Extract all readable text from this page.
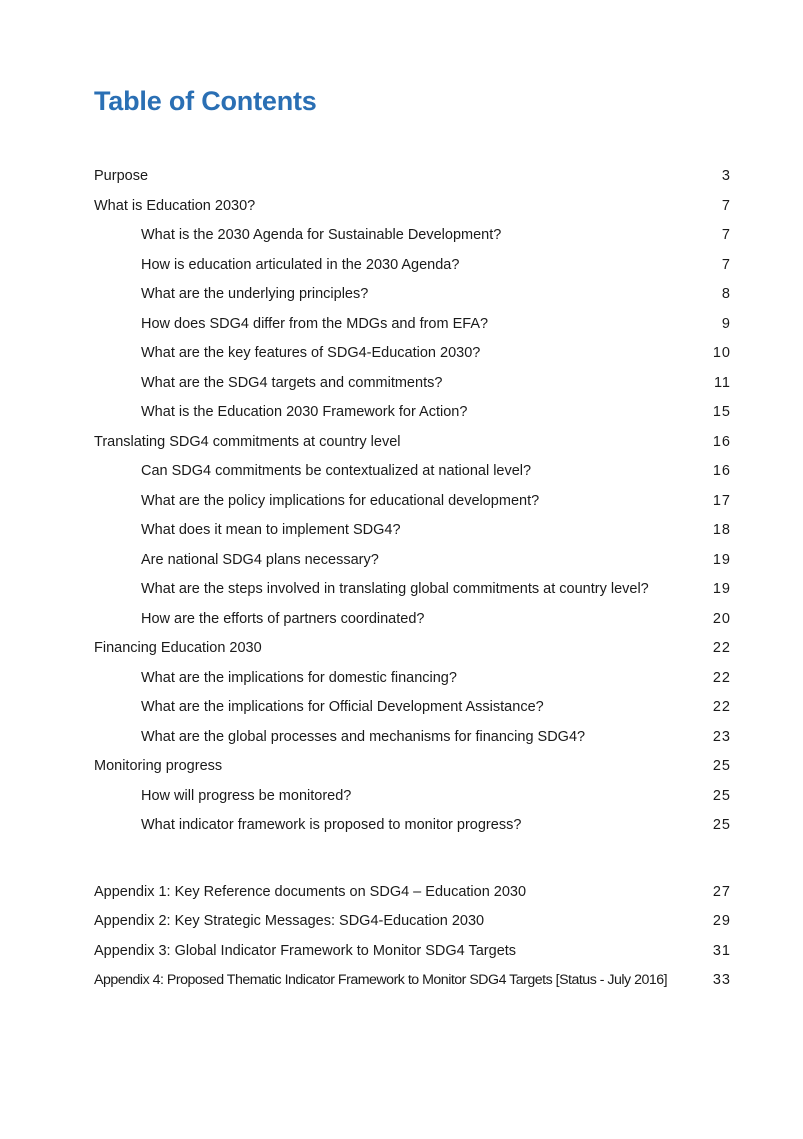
Table of Contents
Purpose	3
What is Education 2030?	7
What is the 2030 Agenda for Sustainable Development?	7
How is education articulated in the 2030 Agenda?	7
What are the underlying principles?	8
How does SDG4 differ from the MDGs and from EFA?	9
What are the key features of SDG4-Education 2030?	10
What are the SDG4 targets and commitments?	11
What is the Education 2030 Framework for Action?	15
Translating SDG4 commitments at country level	16
Can SDG4 commitments be contextualized at national level?	16
What are the policy implications for educational development?	17
What does it mean to implement SDG4?	18
Are national SDG4 plans necessary?	19
What are the steps involved in translating global commitments at country level?	19
How are the efforts of partners coordinated?	20
Financing Education 2030	22
What are the implications for domestic financing?	22
What are the implications for Official Development Assistance?	22
What are the global processes and mechanisms for financing SDG4?	23
Monitoring progress	25
How will progress be monitored?	25
What indicator framework is proposed to monitor progress?	25
Appendix 1: Key Reference documents on SDG4 – Education 2030	27
Appendix 2: Key Strategic Messages: SDG4-Education 2030	29
Appendix 3: Global Indicator Framework to Monitor SDG4 Targets	31
Appendix 4: Proposed Thematic Indicator Framework to Monitor SDG4 Targets [Status - July 2016]	33
